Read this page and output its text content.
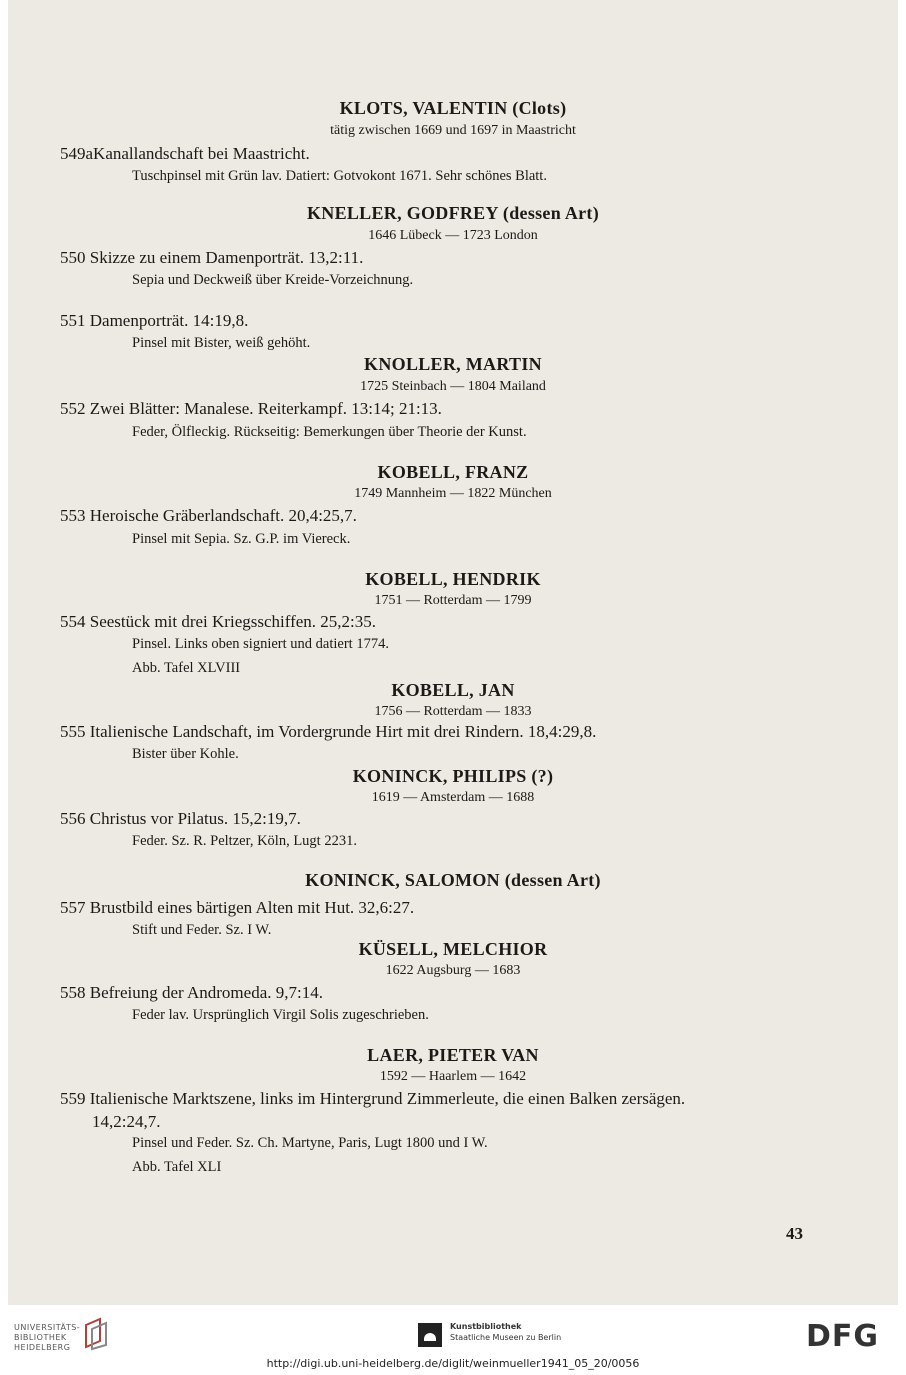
KLOTS, VALENTIN (Clots)
tätig zwischen 1669 und 1697 in Maastricht
549aKanallandschaft bei Maastricht.
Tuschpinsel mit Grün lav. Datiert: Gotvokont 1671. Sehr schönes Blatt.
KNELLER, GODFREY (dessen Art)
1646 Lübeck — 1723 London
550 Skizze zu einem Damenporträt. 13,2:11.
Sepia und Deckweiß über Kreide-Vorzeichnung.
551 Damenporträt. 14:19,8.
Pinsel mit Bister, weiß gehöht.
KNOLLER, MARTIN
1725 Steinbach — 1804 Mailand
552 Zwei Blätter: Manalese. Reiterkampf. 13:14; 21:13.
Feder, Ölfleckig. Rückseitig: Bemerkungen über Theorie der Kunst.
KOBELL, FRANZ
1749 Mannheim — 1822 München
553 Heroische Gräberlandschaft. 20,4:25,7.
Pinsel mit Sepia. Sz. G.P. im Viereck.
KOBELL, HENDRIK
1751 — Rotterdam — 1799
554 Seestück mit drei Kriegsschiffen. 25,2:35.
Pinsel. Links oben signiert und datiert 1774.
Abb. Tafel XLVIII
KOBELL, JAN
1756 — Rotterdam — 1833
555 Italienische Landschaft, im Vordergrunde Hirt mit drei Rindern. 18,4:29,8.
Bister über Kohle.
KONINCK, PHILIPS (?)
1619 — Amsterdam — 1688
556 Christus vor Pilatus. 15,2:19,7.
Feder. Sz. R. Peltzer, Köln, Lugt 2231.
KONINCK, SALOMON (dessen Art)
557 Brustbild eines bärtigen Alten mit Hut. 32,6:27.
Stift und Feder. Sz. I W.
KÜSELL, MELCHIOR
1622 Augsburg — 1683
558 Befreiung der Andromeda. 9,7:14.
Feder lav. Ursprünglich Virgil Solis zugeschrieben.
LAER, PIETER VAN
1592 — Haarlem — 1642
559 Italienische Marktszene, links im Hintergrund Zimmerleute, die einen Balken zersägen.
14,2:24,7.
Pinsel und Feder. Sz. Ch. Martyne, Paris, Lugt 1800 und I W.
Abb. Tafel XLI
43
UNIVERSITÄTS-
BIBLIOTHEK
HEIDELBERG
Kunstbibliothek
Staatliche Museen zu Berlin	DFG
http://digi.ub.uni-heidelberg.de/diglit/weinmueller1941_05_20/0056
